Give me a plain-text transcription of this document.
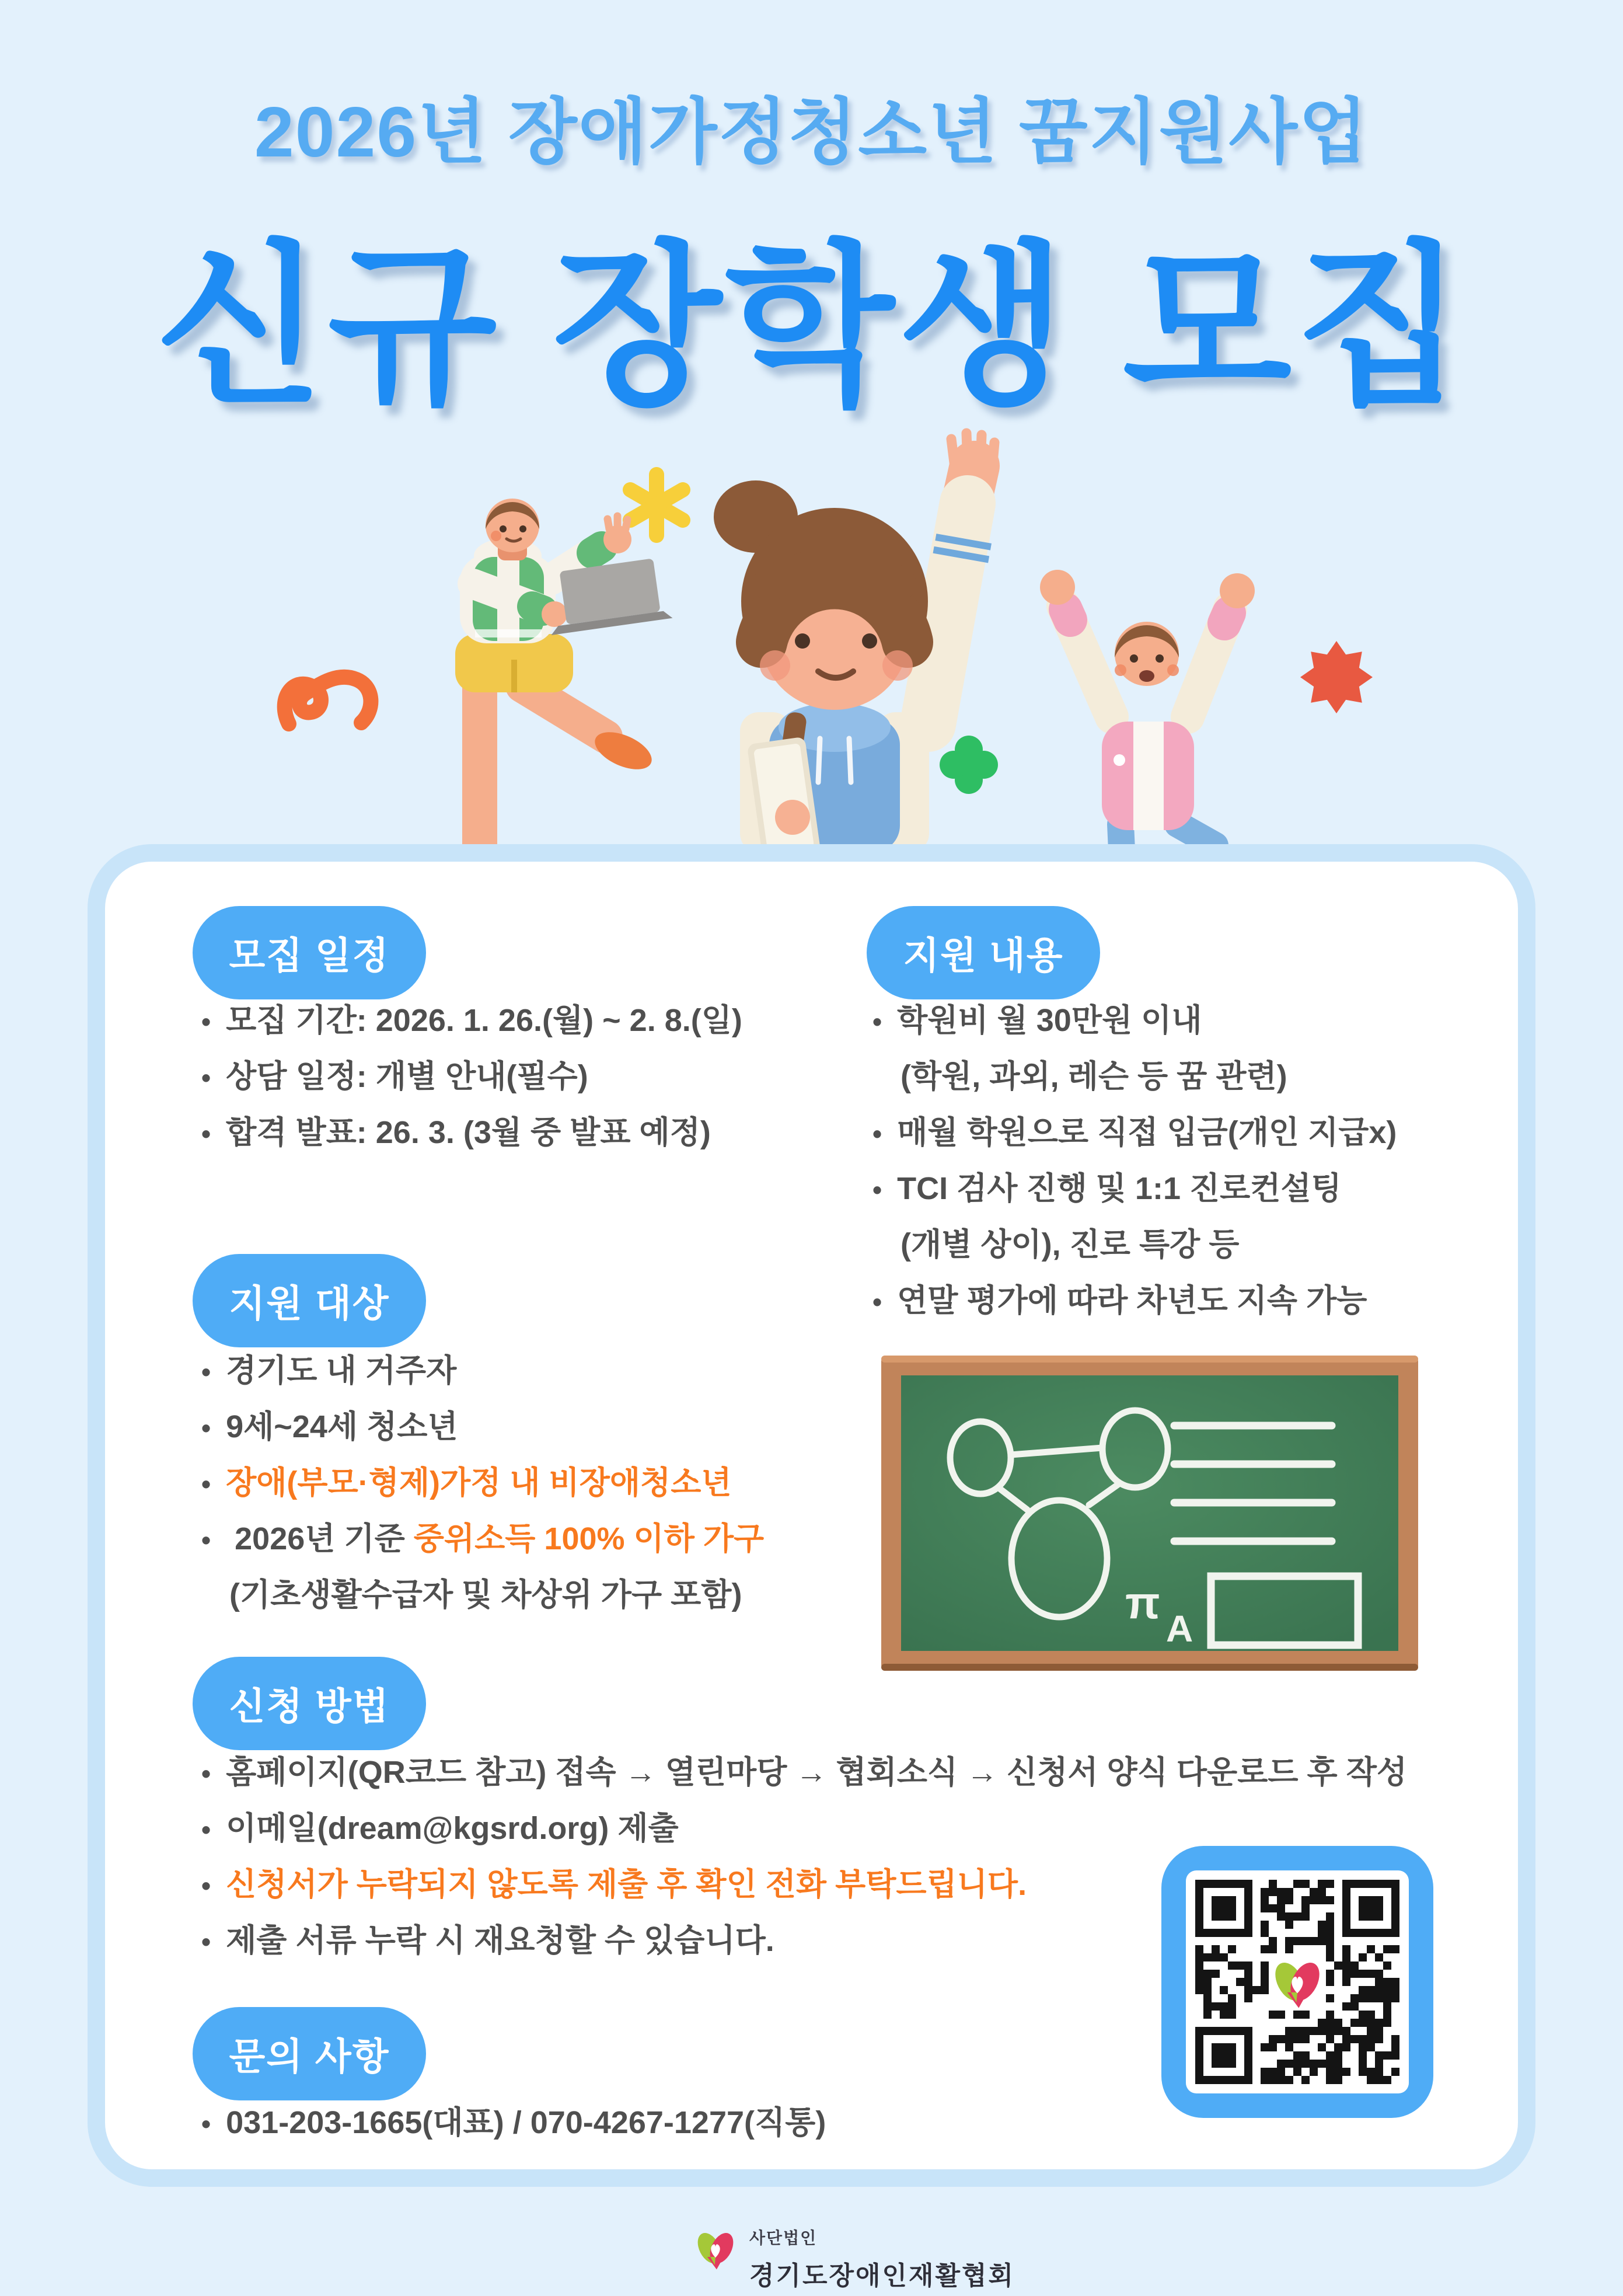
2026년 장애가정청소년 꿈지원사업
신규 장학생 모집
모집 일정	지원 내용
지원 대상
신청 방법
문의 사항
• 모집 기간: 2026. 1. 26.(월) ~ 2. 8.(일)
• 상담 일정: 개별 안내(필수)
• 합격 발표: 26. 3. (3월 중 발표 예정)
• 학원비 월 30만원 이내
(학원, 과외, 레슨 등 꿈 관련)
• 매월 학원으로 직접 입금(개인 지급x)
• TCI 검사 진행 및 1:1 진로컨설팅
(개별 상이), 진로 특강 등
• 연말 평가에 따라 차년도 지속 가능
• 경기도 내 거주자
• 9세~24세 청소년
• 장애(부모·형제)가정 내 비장애청소년
• 2026년 기준 중위소득 100% 이하 가구
(기초생활수급자 및 차상위 가구 포함)
• 홈페이지(QR코드 참고) 접속 → 열린마당 → 협회소식 → 신청서 양식 다운로드 후 작성
• 이메일(dream@kgsrd.org) 제출
• 신청서가 누락되지 않도록 제출 후 확인 전화 부탁드립니다.
• 제출 서류 누락 시 재요청할 수 있습니다.
• 031-203-1665(대표) / 070-4267-1277(직통)
π
A
사단법인
경기도장애인재활협회
